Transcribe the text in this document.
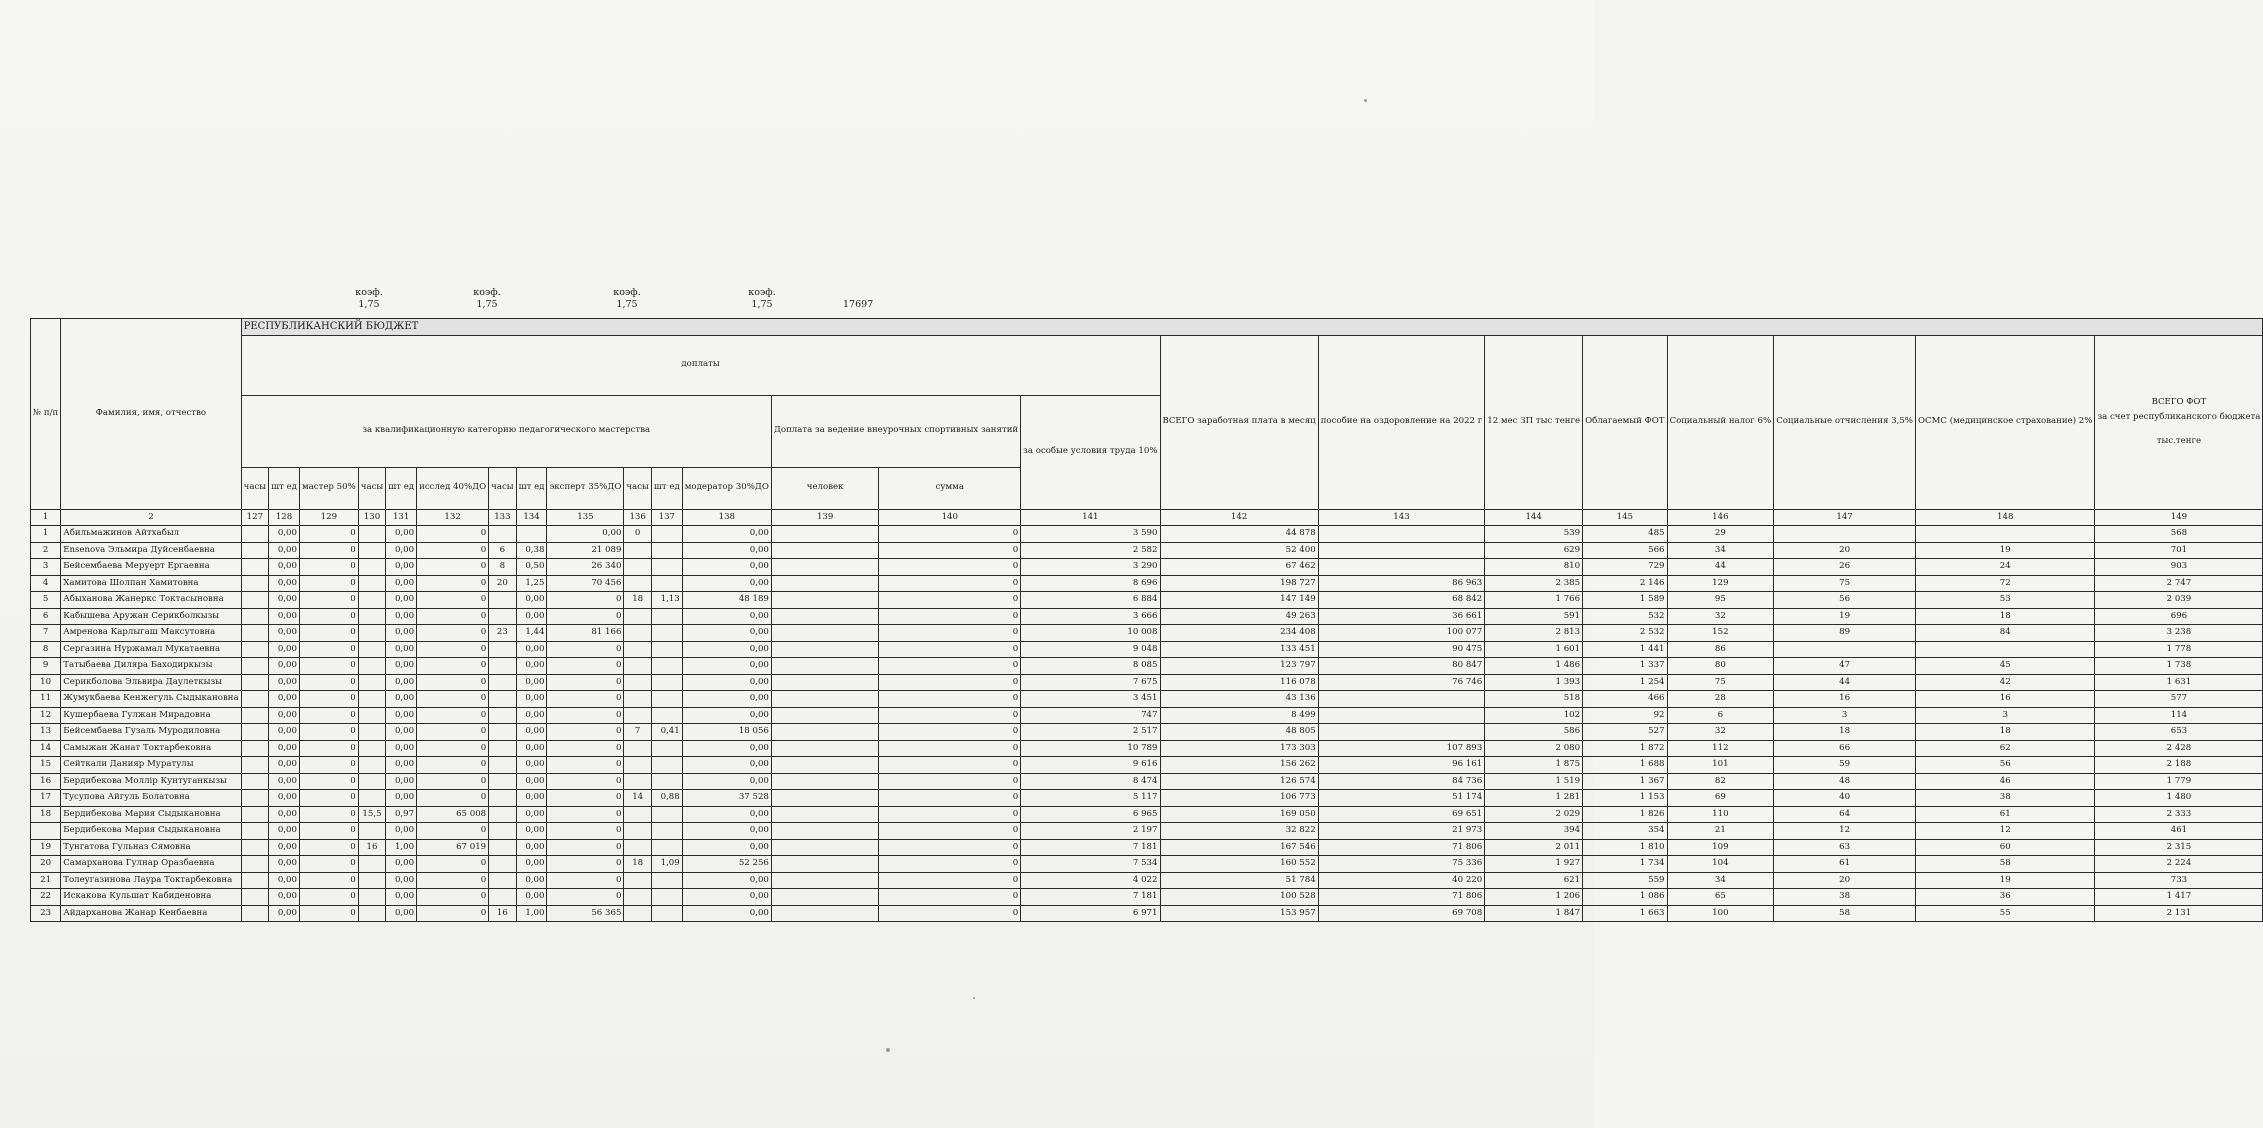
коэф.
1,75
коэф.
1,75
коэф.
1,75
коэф.
1,75	17697
№ п/п	Фамилия, имя, отчество	РЕСПУБЛИКАНСКИЙ БЮДЖЕТ																						
		доплаты															ВСЕГО заработная плата в месяц	пособие на оздоровление на 2022 г	12 мес ЗП тыс тенге	Облагаемый ФОТ	Социальный налог 6%	Социальные отчисления 3,5%	ОСМС (медицинское страхование) 2%	ВСЕГО ФОТ
за счет республиканского бюджета
тыс.тенге

		за квалификационную категорию педагогического мастерства												Доплата за ведение внеурочных спортивных занятий		за особые условия труда 10%								
		часы	шт ед	мастер 50%	часы	шт ед	исслед 40%ДО	часы	шт ед	эксперт 35%ДО	часы	шт ед	модератор 30%ДО	человек	сумма									
1	2	127	128	129	130	131	132	133	134	135	136	137	138	139	140	141	142	143	144	145	146	147	148	149
1	Абильмажинов Айтхабыл		0,00	0		0,00	0			0,00	0		0,00		0	3 590	44 878		539	485	29			568
2	Ensenova Эльмира Дуйсенбаевна		0,00	0		0,00	0	6	0,38	21 089			0,00		0	2 582	52 400		629	566	34	20	19	701
3	Бейсембаева Меруерт Ергаевна		0,00	0		0,00	0	8	0,50	26 340			0,00		0	3 290	67 462		810	729	44	26	24	903
4	Хамитова Шолпан Хамитовна		0,00	0		0,00	0	20	1,25	70 456			0,00		0	8 696	198 727	86 963	2 385	2 146	129	75	72	2 747
5	Абыханова Жанеркс Токтасыновна		0,00	0		0,00	0		0,00	0	18	1,13	48 189		0	6 884	147 149	68 842	1 766	1 589	95	56	53	2 039
6	Кабышева Аружан Серикболкызы		0,00	0		0,00	0		0,00	0			0,00		0	3 666	49 263	36 661	591	532	32	19	18	696
7	Амренова Карлыгаш Максутовна		0,00	0		0,00	0	23	1,44	81 166			0,00		0	10 008	234 408	100 077	2 813	2 532	152	89	84	3 238
8	Сергазина Нуржамал Мукатаевна		0,00	0		0,00	0		0,00	0			0,00		0	9 048	133 451	90 475	1 601	1 441	86			1 778
9	Татыбаева Диляра Баходиркызы		0,00	0		0,00	0		0,00	0			0,00		0	8 085	123 797	80 847	1 486	1 337	80	47	45	1 738
10	Серикболова Эльвира Даулеткызы		0,00	0		0,00	0		0,00	0			0,00		0	7 675	116 078	76 746	1 393	1 254	75	44	42	1 631
11	Жумукбаева Кенжегуль Сыдыкановна		0,00	0		0,00	0		0,00	0			0,00		0	3 451	43 136		518	466	28	16	16	577
12	Кушербаева Гулжан Мирадовна		0,00	0		0,00	0		0,00	0			0,00		0	747	8 499		102	92	6	3	3	114
13	Бейсембаева Гузаль Муродиловна		0,00	0		0,00	0		0,00	0	7	0,41	18 056		0	2 517	48 805		586	527	32	18	18	653
14	Самыжан Жанат Токтарбековна		0,00	0		0,00	0		0,00	0			0,00		0	10 789	173 303	107 893	2 080	1 872	112	66	62	2 428
15	Сейткали Данияр Муратулы		0,00	0		0,00	0		0,00	0			0,00		0	9 616	156 262	96 161	1 875	1 688	101	59	56	2 188
16	Бердибекова Моллір Кунтуганкызы		0,00	0		0,00	0		0,00	0			0,00		0	8 474	126 574	84 736	1 519	1 367	82	48	46	1 779
17	Тусупова Айгуль Болатовна		0,00	0		0,00	0		0,00	0	14	0,88	37 528		0	5 117	106 773	51 174	1 281	1 153	69	40	38	1 480
18	Бердибекова Мария Сыдыкановна		0,00	0	15,5	0,97	65 008		0,00	0			0,00		0	6 965	169 050	69 651	2 029	1 826	110	64	61	2 333
	Бердибекова Мария Сыдыкановна		0,00	0		0,00	0		0,00	0			0,00		0	2 197	32 822	21 973	394	354	21	12	12	461
19	Тунгатова Гульназ Сямовна		0,00	0	16	1,00	67 019		0,00	0			0,00		0	7 181	167 546	71 806	2 011	1 810	109	63	60	2 315
20	Самарханова Гулнар Оразбаевна		0,00	0		0,00	0		0,00	0	18	1,09	52 256		0	7 534	160 552	75 336	1 927	1 734	104	61	58	2 224
21	Толеугазинова Лаура Токтарбековна		0,00	0		0,00	0		0,00	0			0,00		0	4 022	51 784	40 220	621	559	34	20	19	733
22	Искакова Кульшат Кабиденовна		0,00	0		0,00	0		0,00	0			0,00		0	7 181	100 528	71 806	1 206	1 086	65	38	36	1 417
23	Айдарханова Жанар Кенбаевна		0,00	0		0,00	0	16	1,00	56 365			0,00		0	6 971	153 957	69 708	1 847	1 663	100	58	55	2 131
